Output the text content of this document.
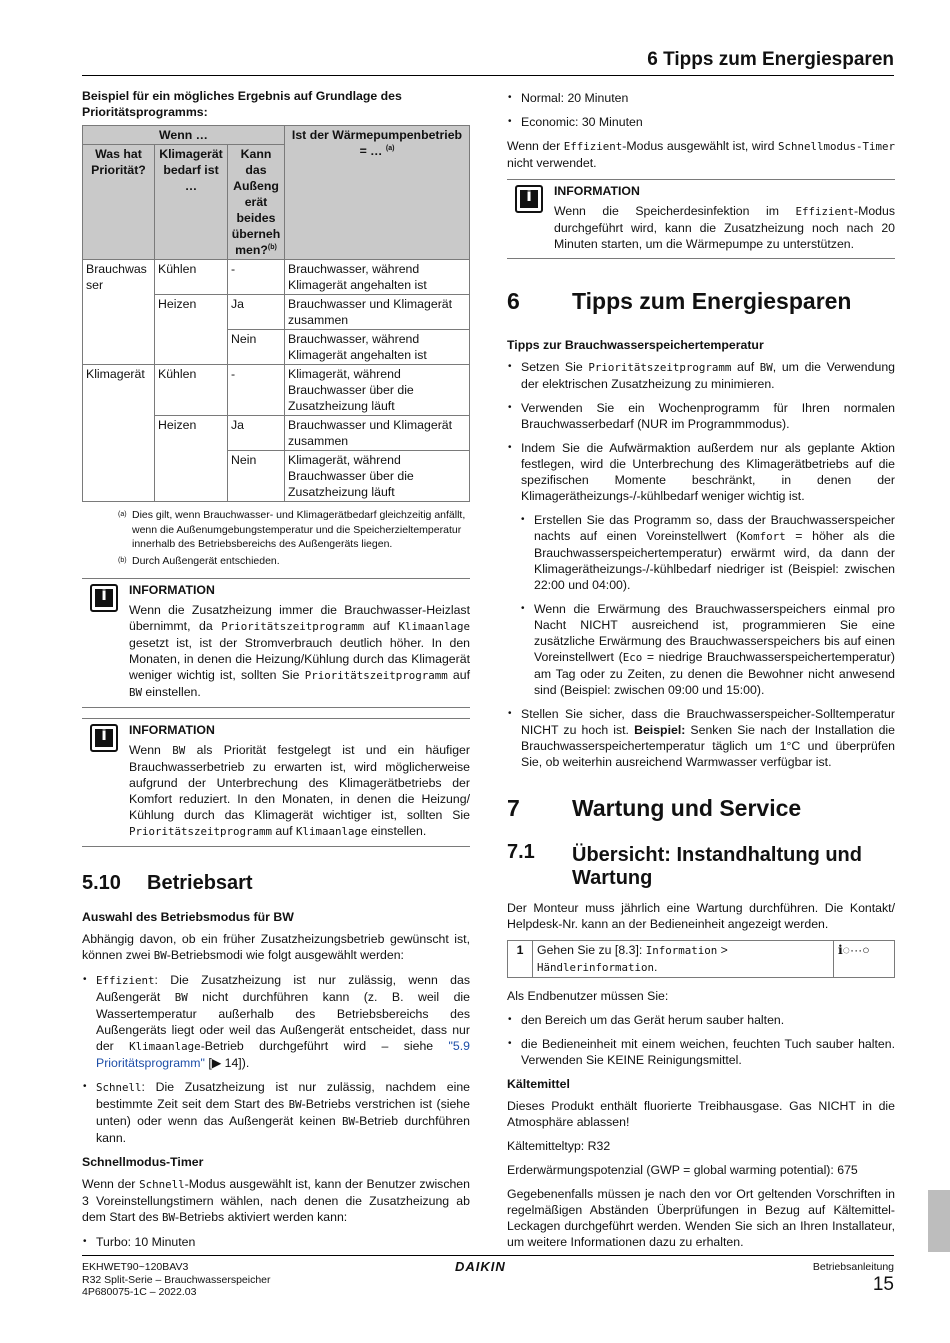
6 Tipps zum Energiesparen

Beispiel für ein mögliches Ergebnis auf Grundlage des Prioritätsprogramms:

Wenn …			Ist der Wärmepumpenbetrieb = … $^{(a)}$
Was hat Priorität?	Klimagerät bedarf ist …	Kann das Außeng erät beides überneh men?$^{(b)}$
Brauchwas ser	Kühlen	-	Brauchwasser, während Klimagerät angehalten ist
	Heizen	Ja	Brauchwasser und Klimagerät zusammen
		Nein	Brauchwasser, während Klimagerät angehalten ist
Klimagerät	Kühlen	-	Klimagerät, während Brauchwasser über die Zusatzheizung läuft
	Heizen	Ja	Brauchwasser und Klimagerät zusammen
		Nein	Klimagerät, während Brauchwasser über die Zusatzheizung läuft
(a) Dies gilt, wenn Brauchwasser- und Klimagerätbedarf gleichzeitig anfällt, wenn die Außenumgebungstemperatur und die Speicherzieltemperatur innerhalb des Betriebsbereichs des Außengeräts liegen.
(b) Durch Außengerät entschieden.
i
INFORMATION

Wenn die Zusatzheizung immer die Brauchwasser-Heizlast übernimmt, da Prioritätszeitprogramm auf Klimaanlage gesetzt ist, ist der Stromverbrauch deutlich höher. In den Monaten, in denen die Heizung/Kühlung durch das Klimagerät weniger wichtig ist, sollten Sie Prioritätszeitprogramm auf BW einstellen.

i
INFORMATION

Wenn BW als Priorität festgelegt ist und ein häufiger Brauchwasserbetrieb zu erwarten ist, wird möglicherweise aufgrund der Unterbrechung des Klimagerätbetriebs der Komfort reduziert. In den Monaten, in denen die Heizung/ Kühlung durch das Klimagerät wichtiger ist, sollten Sie Prioritätszeitprogramm auf Klimaanlage einstellen.

5.10 Betriebsart
Auswahl des Betriebsmodus für BW

Abhängig davon, ob ein früher Zusatzheizungsbetrieb gewünscht ist, können zwei BW-Betriebsmodi wie folgt ausgewählt werden:

• Effizient: Die Zusatzheizung ist nur zulässig, wenn das Außengerät BW nicht durchführen kann (z. B. weil die Wassertemperatur außerhalb des Betriebsbereichs des Außengeräts liegt oder weil das Außengerät entscheidet, dass nur der Klimaanlage-Betrieb durchgeführt wird – siehe "5.9 Prioritätsprogramm" [▶ 14]).
• Schnell: Die Zusatzheizung ist nur zulässig, nachdem eine bestimmte Zeit seit dem Start des BW-Betriebs verstrichen ist (siehe unten) oder wenn das Außengerät keinen BW-Betrieb durchführen kann.
Schnellmodus-Timer

Wenn der Schnell-Modus ausgewählt ist, kann der Benutzer zwischen 3 Voreinstellungstimern wählen, nach denen die Zusatzheizung ab dem Start des BW-Betriebs aktiviert werden kann:

• Turbo: 10 Minuten
• Normal: 20 Minuten
• Economic: 30 Minuten

Wenn der Effizient-Modus ausgewählt ist, wird Schnellmodus-Timer nicht verwendet.

i
INFORMATION

Wenn die Speicherdesinfektion im Effizient-Modus durchgeführt wird, kann die Zusatzheizung noch nach 20 Minuten starten, um die Wärmepumpe zu unterstützen.

6 Tipps zum Energiesparen
Tipps zur Brauchwasserspeichertemperatur
• Setzen Sie Prioritätszeitprogramm auf BW, um die Verwendung der elektrischen Zusatzheizung zu minimieren.
• Verwenden Sie ein Wochenprogramm für Ihren normalen Brauchwasserbedarf (NUR im Programmmodus).
• Indem Sie die Aufwärmaktion außerdem nur als geplante Aktion festlegen, wird die Unterbrechung des Klimagerätbetriebs auf die spezifischen Momente beschränkt, in denen der Klimagerätheizungs-/-kühlbedarf weniger wichtig ist.
• Erstellen Sie das Programm so, dass der Brauchwasserspeicher nachts auf einen Voreinstellwert (Komfort = höher als die Brauchwasserspeichertemperatur) erwärmt wird, da dann der Klimagerätheizungs-/-kühlbedarf niedriger ist (Beispiel: zwischen 22:00 und 04:00).
• Wenn die Erwärmung des Brauchwasserspeichers einmal pro Nacht NICHT ausreichend ist, programmieren Sie eine zusätzliche Erwärmung des Brauchwasserspeichers bis auf einen Voreinstellwert (Eco = niedrige Brauchwasserspeichertemperatur) am Tag oder zu Zeiten, zu denen die Bewohner nicht anwesend sind (Beispiel: zwischen 09:00 und 15:00).
• Stellen Sie sicher, dass die Brauchwasserspeicher-Solltemperatur NICHT zu hoch ist. Beispiel: Senken Sie nach der Installation die Brauchwasserspeichertemperatur täglich um 1°C und überprüfen Sie, ob weiterhin ausreichend Warmwasser verfügbar ist.
7 Wartung und Service
7.1 Übersicht: Instandhaltung und Wartung

Der Monteur muss jährlich eine Wartung durchführen. Die Kontakt/ Helpdesk-Nr. kann an der Bedieneinheit angezeigt werden.

1	Gehen Sie zu [8.3]: Information >
Händlerinformation.	ℹ︎◌···○

Als Endbenutzer müssen Sie:

• den Bereich um das Gerät herum sauber halten.
• die Bedieneinheit mit einem weichen, feuchten Tuch sauber halten. Verwenden Sie KEINE Reinigungsmittel.
Kältemittel

Dieses Produkt enthält fluorierte Treibhausgase. Gas NICHT in die Atmosphäre ablassen!

Kältemitteltyp: R32

Erderwärmungspotenzial (GWP = global warming potential): 675

Gegebenenfalls müssen je nach den vor Ort geltenden Vorschriften in regelmäßigen Abständen Überprüfungen in Bezug auf Kältemittel-Leckagen durchgeführt werden. Wenden Sie sich an Ihren Installateur, um weitere Informationen dazu zu erhalten.

EKHWET90~120BAV3
R32 Split-Serie – Brauchwasserspeicher
4P680075-1C – 2022.03
DAIKIN	Betriebsanleitung
15
